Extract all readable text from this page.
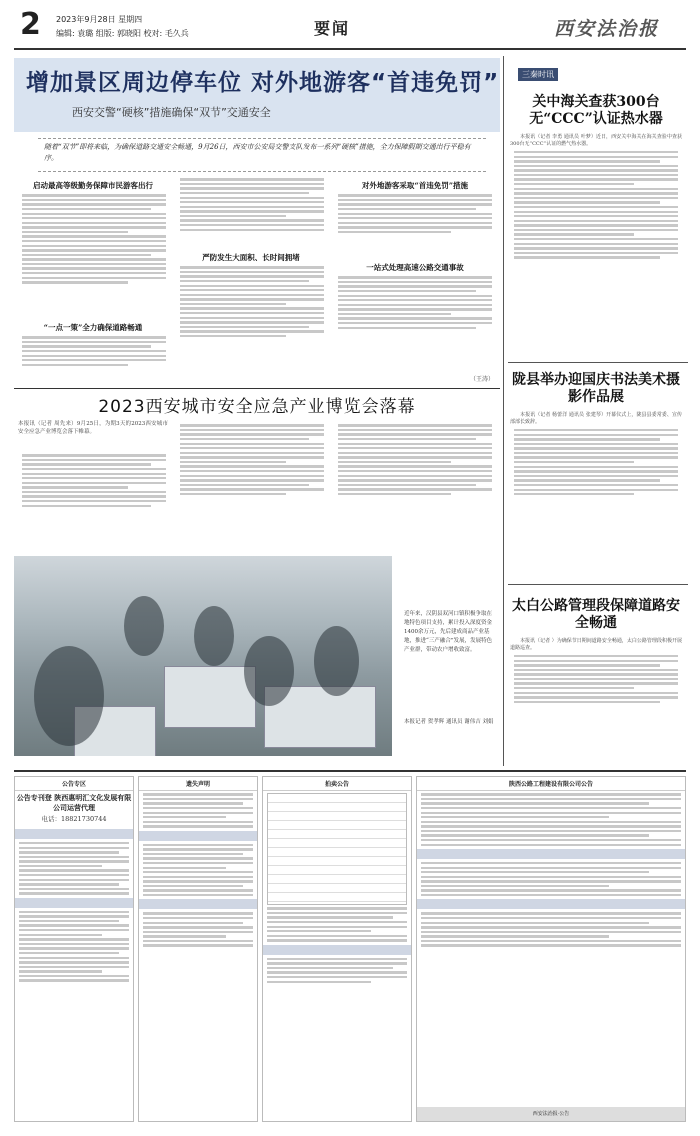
2 2023年9月28日 星期四
编辑: 袁璐 组版: 郭晓阳 校对: 毛久兵	要闻	西安法治报
增加景区周边停车位 对外地游客“首违免罚”
西安交警“硬核”措施确保“双节”交通安全
随着“双节”即将来临，为确保道路交通安全畅通，9月26日，西安市公安局交警支队发布一系列“硬核”措施，全力保障假期交通出行平稳有序。
启动最高等级勤务保障市民游客出行
“一点一策”全力确保道路畅通
严防发生大面积、长时间拥堵
对外地游客采取“首违免罚”措施
一站式处理高速公路交通事故
（王涛）
2023西安城市安全应急产业博览会落幕
本报讯（记者 周先来）9月25日，为期3天的2023西安城市安全应急产业博览会落下帷幕。
近年来，汉阴县双河口镇积极争取在地特色项目支持，累计投入深度资金1400余万元，先后建成商品产业基地，推进“三产融合”发展，发展特色产业群，带动农户增收致富。
本报记者 贺孝辉 通讯员 谢伟吉 刘娟
三秦时讯
关中海关查获300台无“CCC”认证热水器

本报讯（记者 李勇 通讯员 叶梦）近日，西安关中海关在海关查验中查获300台无“CCC”认证的燃气热水器。

陇县举办迎国庆书法美术摄影作品展

本报讯（记者 杨蕾洋 通讯员 张建琴）开幕仪式上，陇县县委常委、宣传部部长致辞。

太白公路管理段保障道路安全畅通

本报讯（记者 ）为确保节日期间道路安全畅通，太白公路管理段积极开展道路巡查。

公告专区
公告专刊登 陕西惠明汇文化发展有限公司运营代理
电话：18821730744
遗失声明	拍卖公告	陕西公路工程建设有限公司公告
西安法治报·公告
